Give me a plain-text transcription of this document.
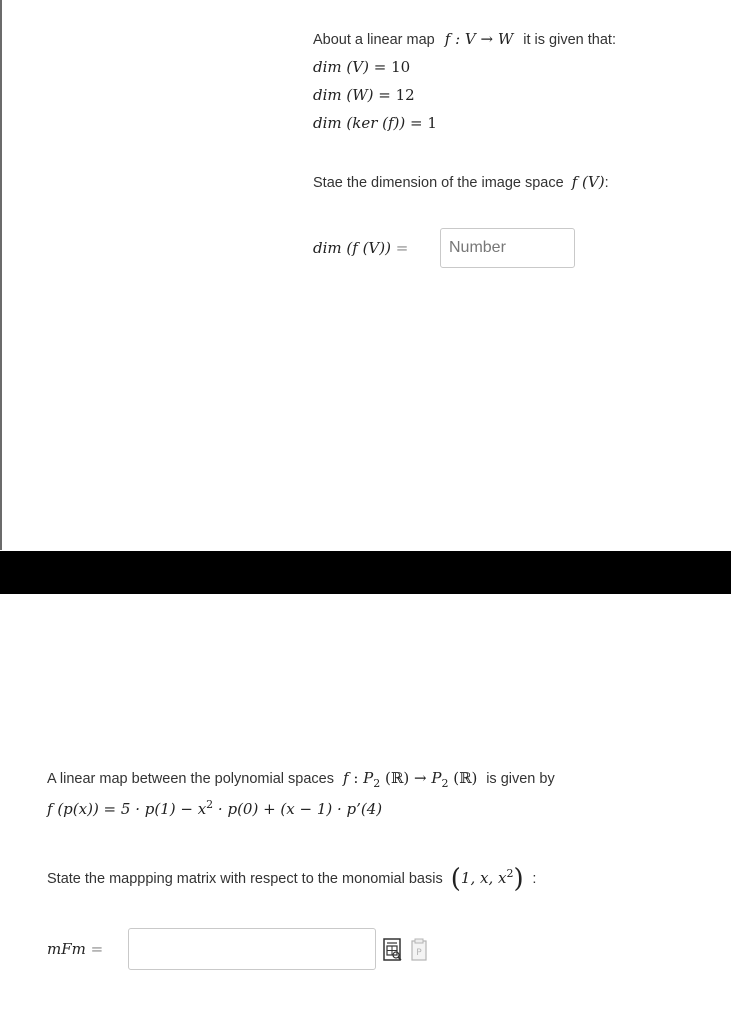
About a linear map f : V → W it is given that:
dim (V) = 10
dim (W) = 12
dim (ker (f)) = 1
Stae the dimension of the image space f (V):
dim (f (V)) =	Number
A linear map between the polynomial spaces f : $P_2$ (ℝ) → $P_2$ (ℝ) is given by
f $(p(x)) = 5 \cdot p(1) - x^2 \cdot p(0) + (x - 1)$ · p’(4)
State the mappping matrix with respect to the monomial basis (1, x, $x^2$) :
mFm =	P
